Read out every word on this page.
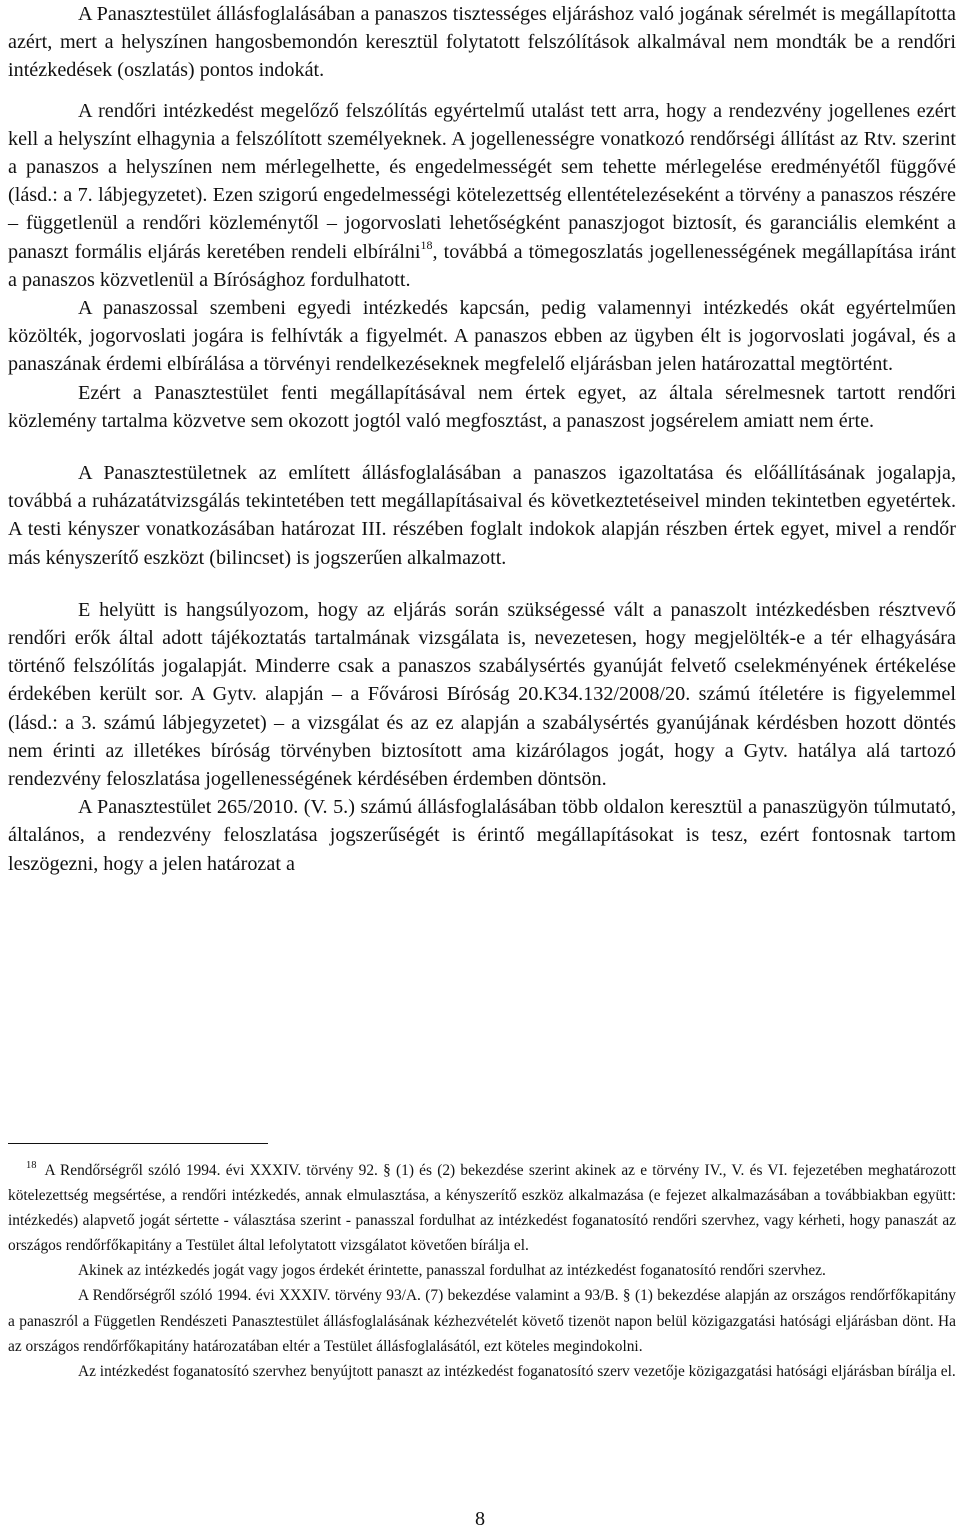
A Panasztestület állásfoglalásában a panaszos tisztességes eljáráshoz való jogának sérelmét is megállapította azért, mert a helyszínen hangosbemondón keresztül folytatott felszólítások alkalmával nem mondták be a rendőri intézkedések (oszlatás) pontos indokát.

A rendőri intézkedést megelőző felszólítás egyértelmű utalást tett arra, hogy a rendezvény jogellenes ezért kell a helyszínt elhagynia a felszólított személyeknek. A jogellenességre vonatkozó rendőrségi állítást az Rtv. szerint a panaszos a helyszínen nem mérlegelhette, és engedelmességét sem tehette mérlegelése eredményétől függővé (lásd.: a 7. lábjegyzetet). Ezen szigorú engedelmességi kötelezettség ellentételezéseként a törvény a panaszos részére – függetlenül a rendőri közleménytől – jogorvoslati lehetőségként panaszjogot biztosít, és garanciális elemként a panaszt formális eljárás keretében rendeli elbírálni$^{18}$, továbbá a tömegoszlatás jogellenességének megállapítása iránt a panaszos közvetlenül a Bírósághoz fordulhatott.

A panaszossal szembeni egyedi intézkedés kapcsán, pedig valamennyi intézkedés okát egyértelműen közölték, jogorvoslati jogára is felhívták a figyelmét. A panaszos ebben az ügyben élt is jogorvoslati jogával, és a panaszának érdemi elbírálása a törvényi rendelkezéseknek megfelelő eljárásban jelen határozattal megtörtént.

Ezért a Panasztestület fenti megállapításával nem értek egyet, az általa sérelmesnek tartott rendőri közlemény tartalma közvetve sem okozott jogtól való megfosztást, a panaszost jogsérelem amiatt nem érte.

A Panasztestületnek az említett állásfoglalásában a panaszos igazoltatása és előállításának jogalapja, továbbá a ruházatátvizsgálás tekintetében tett megállapításaival és következtetéseivel minden tekintetben egyetértek. A testi kényszer vonatkozásában határozat III. részében foglalt indokok alapján részben értek egyet, mivel a rendőr más kényszerítő eszközt (bilincset) is jogszerűen alkalmazott.

E helyütt is hangsúlyozom, hogy az eljárás során szükségessé vált a panaszolt intézkedésben résztvevő rendőri erők által adott tájékoztatás tartalmának vizsgálata is, nevezetesen, hogy megjelölték-e a tér elhagyására történő felszólítás jogalapját. Minderre csak a panaszos szabálysértés gyanúját felvető cselekményének értékelése érdekében került sor. A Gytv. alapján – a Fővárosi Bíróság 20.K34.132/2008/20. számú ítéletére is figyelemmel (lásd.: a 3. számú lábjegyzetet) – a vizsgálat és az ez alapján a szabálysértés gyanújának kérdésben hozott döntés nem érinti az illetékes bíróság törvényben biztosított ama kizárólagos jogát, hogy a Gytv. hatálya alá tartozó rendezvény feloszlatása jogellenességének kérdésében érdemben döntsön.

A Panasztestület 265/2010. (V. 5.) számú állásfoglalásában több oldalon keresztül a panaszügyön túlmutató, általános, a rendezvény feloszlatása jogszerűségét is érintő megállapításokat is tesz, ezért fontosnak tartom leszögezni, hogy a jelen határozat a

$^{18}$ A Rendőrségről szóló 1994. évi XXXIV. törvény 92. § (1) és (2) bekezdése szerint akinek az e törvény IV., V. és VI. fejezetében meghatározott kötelezettség megsértése, a rendőri intézkedés, annak elmulasztása, a kényszerítő eszköz alkalmazása (e fejezet alkalmazásában a továbbiakban együtt: intézkedés) alapvető jogát sértette - választása szerint - panasszal fordulhat az intézkedést foganatosító rendőri szervhez, vagy kérheti, hogy panaszát az országos rendőrfőkapitány a Testület által lefolytatott vizsgálatot követően bírálja el.

Akinek az intézkedés jogát vagy jogos érdekét érintette, panasszal fordulhat az intézkedést foganatosító rendőri szervhez.

A Rendőrségről szóló 1994. évi XXXIV. törvény 93/A. (7) bekezdése valamint a 93/B. § (1) bekezdése alapján az országos rendőrfőkapitány a panaszról a Független Rendészeti Panasztestület állásfoglalásának kézhezvételét követő tizenöt napon belül közigazgatási hatósági eljárásban dönt. Ha az országos rendőrfőkapitány határozatában eltér a Testület állásfoglalásától, ezt köteles megindokolni.

Az intézkedést foganatosító szervhez benyújtott panaszt az intézkedést foganatosító szerv vezetője közigazgatási hatósági eljárásban bírálja el.

8
